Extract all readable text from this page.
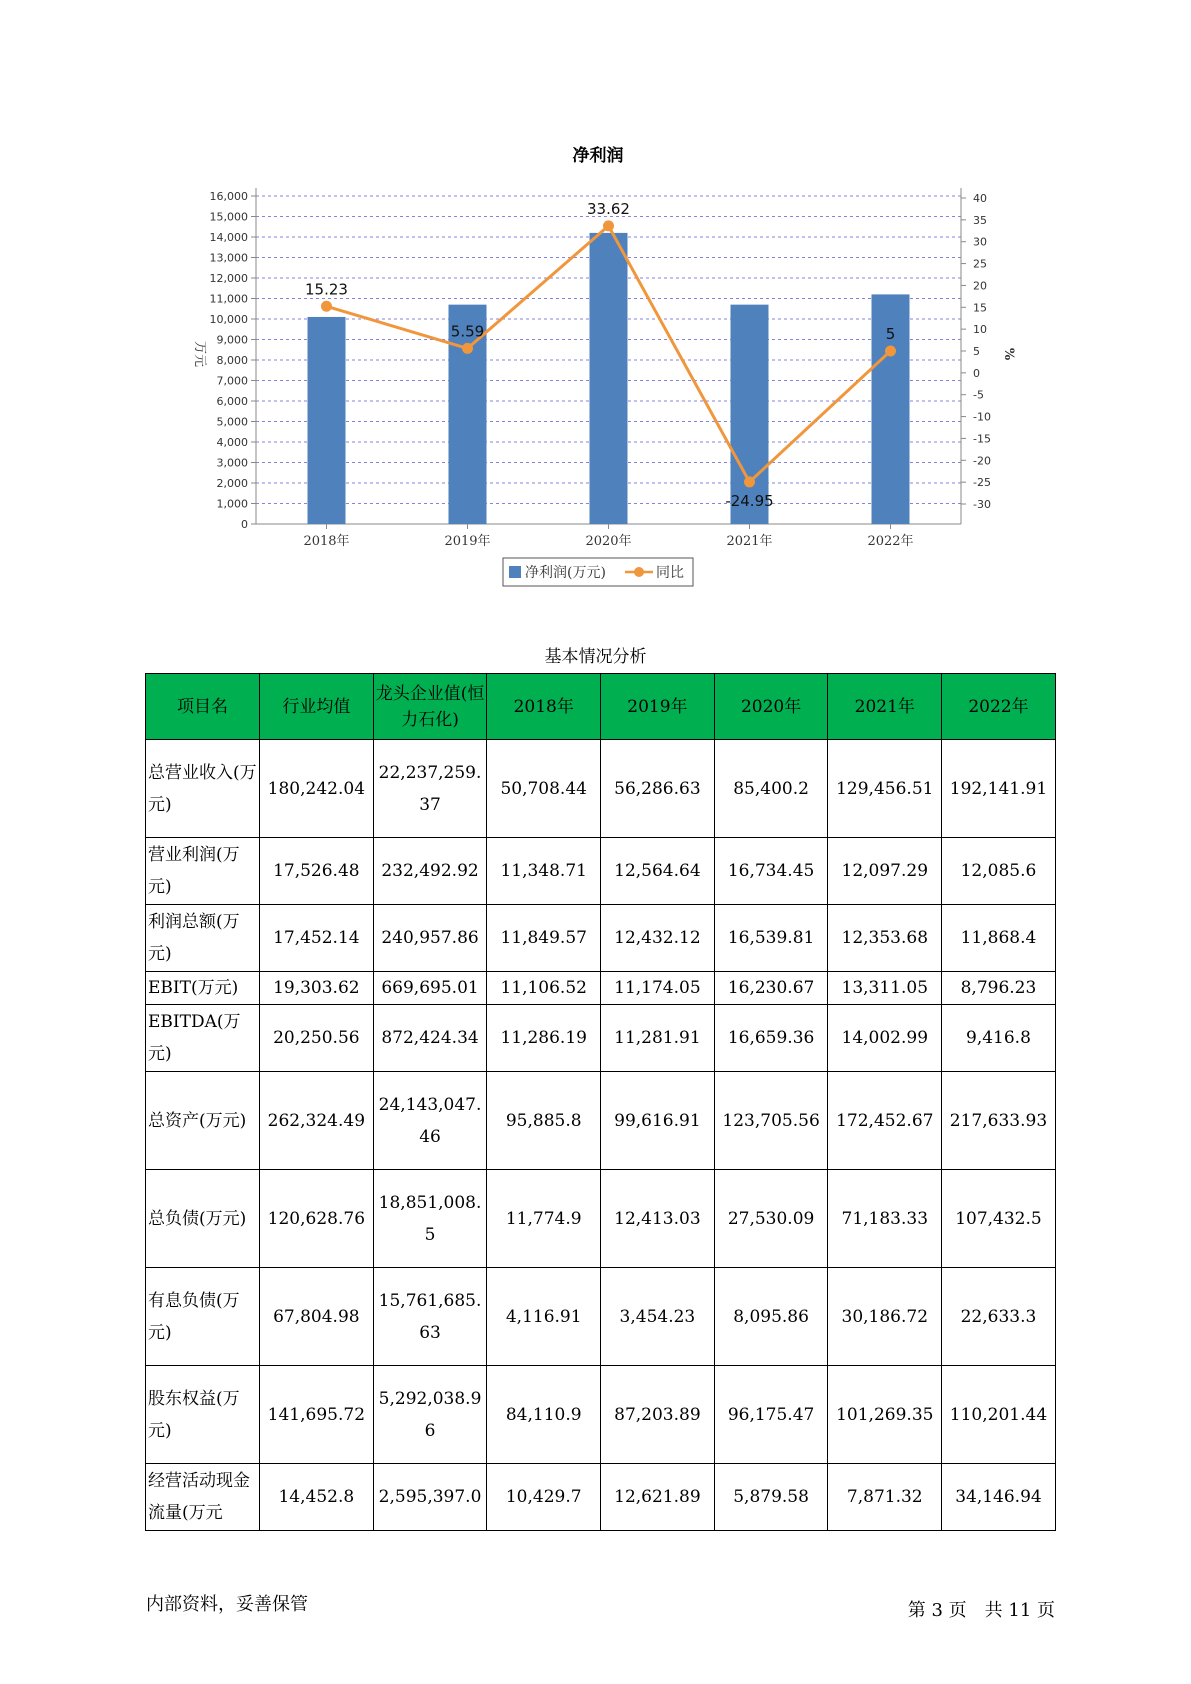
净利润
16,000
15,000
14,000
13,000
12,000
11,000
10,000
9,000
8,000
7,000
6,000
5,000
4,000
3,000
2,000
1,000
0
40
35
30
25
20
15
10
5
0
-5
-10
-15
-20
-25
-30
万元	%
2018年	2019年	2020年	2021年	2022年
15.23
5.59
33.62
-24.95
5
净利润(万元)	同比
基本情况分析
项目名	行业均值	龙头企业值(恒力石化)	2018年	2019年	2020年	2021年	2022年
总营业收入(万元)	180,242.04	22,237,259.37	50,708.44	56,286.63	85,400.2	129,456.51	192,141.91
营业利润(万元)	17,526.48	232,492.92	11,348.71	12,564.64	16,734.45	12,097.29	12,085.6
利润总额(万元)	17,452.14	240,957.86	11,849.57	12,432.12	16,539.81	12,353.68	11,868.4
EBIT(万元)	19,303.62	669,695.01	11,106.52	11,174.05	16,230.67	13,311.05	8,796.23
EBITDA(万元)	20,250.56	872,424.34	11,286.19	11,281.91	16,659.36	14,002.99	9,416.8
总资产(万元)	262,324.49	24,143,047.46	95,885.8	99,616.91	123,705.56	172,452.67	217,633.93
总负债(万元)	120,628.76	18,851,008.5	11,774.9	12,413.03	27,530.09	71,183.33	107,432.5
有息负债(万元)	67,804.98	15,761,685.63	4,116.91	3,454.23	8,095.86	30,186.72	22,633.3
股东权益(万元)	141,695.72	5,292,038.96	84,110.9	87,203.89	96,175.47	101,269.35	110,201.44
经营活动现金流量(万元	14,452.8	2,595,397.0	10,429.7	12,621.89	5,879.58	7,871.32	34,146.94
内部资料，妥善保管	第 3 页　共 11 页
